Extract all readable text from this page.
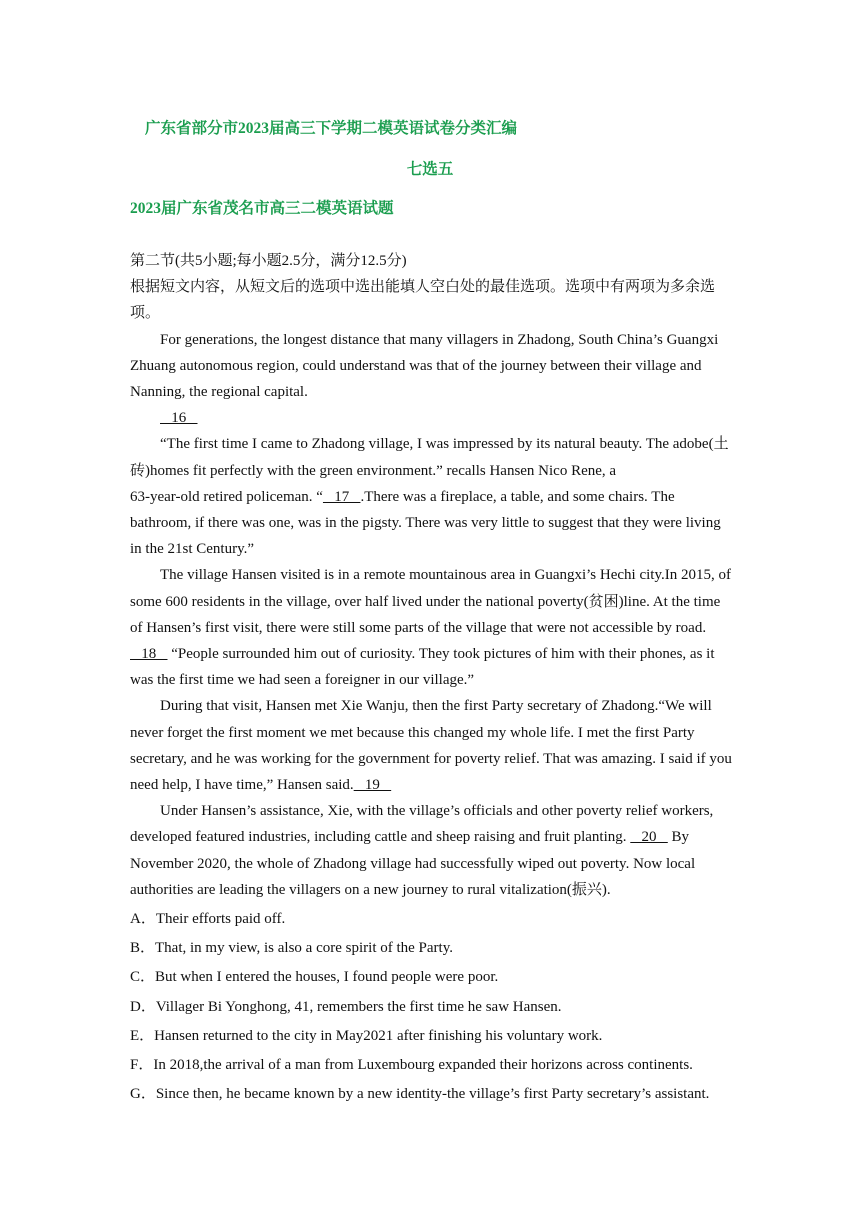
广东省部分市2023届高三下学期二模英语试卷分类汇编
七选五
2023届广东省茂名市高三二模英语试题

第二节(共5小题;每小题2.5分，满分12.5分)

根据短文内容，从短文后的选项中选出能填人空白处的最佳选项。选项中有两项为多余选项。

For generations, the longest distance that many villagers in Zhadong, South China’s Guangxi Zhuang autonomous region, could understand was that of the journey between their village and Nanning, the regional capital.

16

“The first time I came to Zhadong village, I was impressed by its natural beauty. The adobe(土砖)homes fit perfectly with the green environment.” recalls Hansen Nico Rene, a

63-year-old retired policeman. “   17   .There was a fireplace, a table, and some chairs. The bathroom, if there was one, was in the pigsty. There was very little to suggest that they were living in the 21st Century.”

The village Hansen visited is in a remote mountainous area in Guangxi’s Hechi city.In 2015, of some 600 residents in the village, over half lived under the national poverty(贫困)line. At the time of Hansen’s first visit, there were still some parts of the village that were not accessible by road.   18    “People surrounded him out of curiosity. They took pictures of him with their phones, as it was the first time we had seen a foreigner in our village.”

During that visit, Hansen met Xie Wanju, then the first Party secretary of Zhadong.“We will never forget the first moment we met because this changed my whole life. I met the first Party secretary, and he was working for the government for poverty relief. That was amazing. I said if you need help, I have time,” Hansen said.   19

Under Hansen’s assistance, Xie, with the village’s officials and other poverty relief workers, developed featured industries, including cattle and sheep raising and fruit planting.    20    By November 2020, the whole of Zhadong village had successfully wiped out poverty. Now local authorities are leading the villagers on a new journey to rural vitalization(振兴).

A．Their efforts paid off.

B．That, in my view, is also a core spirit of the Party.

C．But when I entered the houses, I found people were poor.

D．Villager Bi Yonghong, 41, remembers the first time he saw Hansen.

E．Hansen returned to the city in May2021 after finishing his voluntary work.

F．In 2018,the arrival of a man from Luxembourg expanded their horizons across continents.

G．Since then, he became known by a new identity-the village’s first Party secretary’s assistant.
